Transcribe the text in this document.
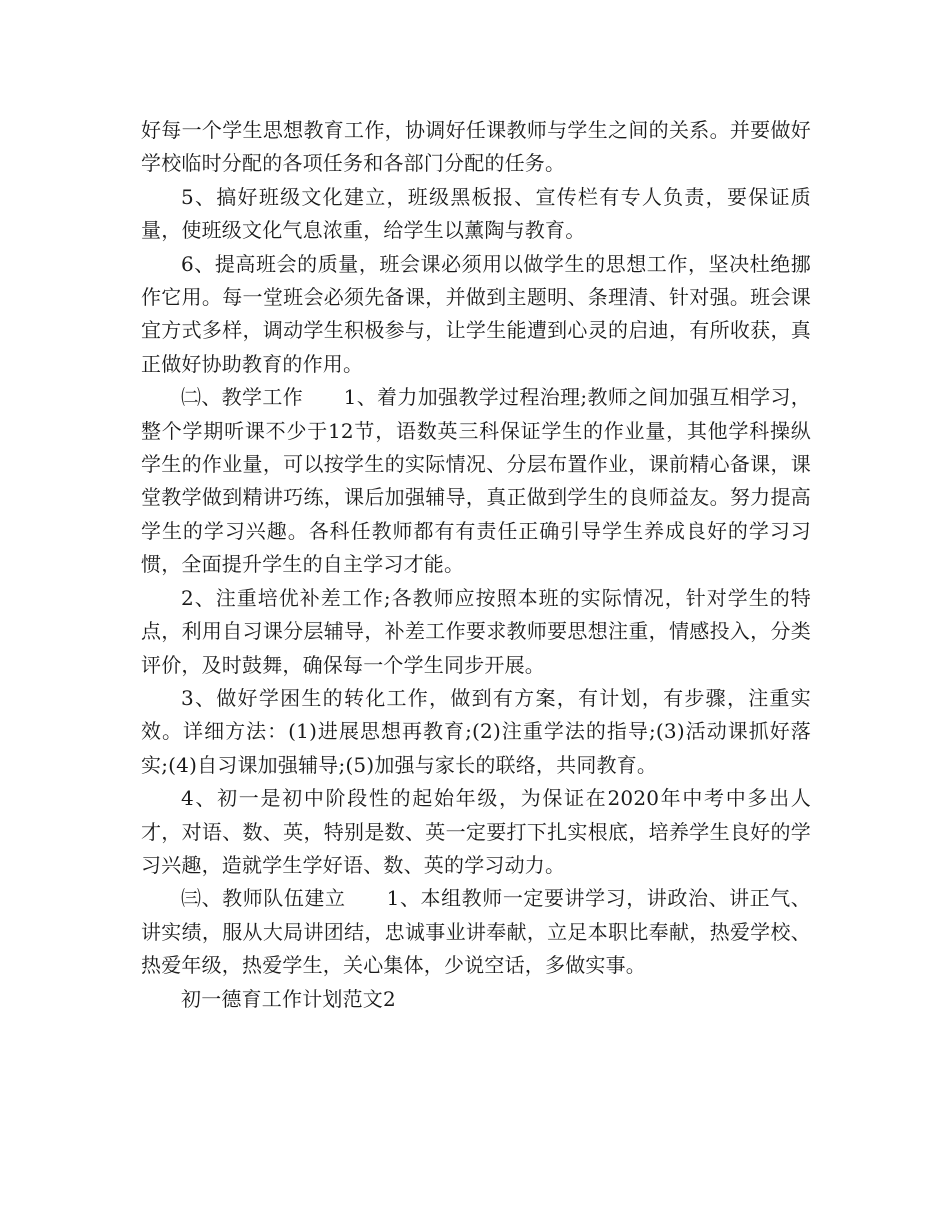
好每一个学生思想教育工作，协调好任课教师与学生之间的关系。并要做好学校临时分配的各项任务和各部门分配的任务。

5、搞好班级文化建立，班级黑板报、宣传栏有专人负责，要保证质量，使班级文化气息浓重，给学生以薰陶与教育。

6、提高班会的质量，班会课必须用以做学生的思想工作，坚决杜绝挪作它用。每一堂班会必须先备课，并做到主题明、条理清、针对强。班会课宜方式多样，调动学生积极参与，让学生能遭到心灵的启迪，有所收获，真正做好协助教育的作用。

㈡、教学工作　　1、着力加强教学过程治理;教师之间加强互相学习，整个学期听课不少于12节，语数英三科保证学生的作业量，其他学科操纵学生的作业量，可以按学生的实际情况、分层布置作业，课前精心备课，课堂教学做到精讲巧练，课后加强辅导，真正做到学生的良师益友。努力提高学生的学习兴趣。各科任教师都有有责任正确引导学生养成良好的学习习惯，全面提升学生的自主学习才能。

2、注重培优补差工作;各教师应按照本班的实际情况，针对学生的特点，利用自习课分层辅导，补差工作要求教师要思想注重，情感投入，分类评价，及时鼓舞，确保每一个学生同步开展。

3、做好学困生的转化工作，做到有方案，有计划，有步骤，注重实效。详细方法：(1)进展思想再教育;(2)注重学法的指导;(3)活动课抓好落实;(4)自习课加强辅导;(5)加强与家长的联络，共同教育。

4、初一是初中阶段性的起始年级，为保证在2020年中考中多出人才，对语、数、英，特别是数、英一定要打下扎实根底，培养学生良好的学习兴趣，造就学生学好语、数、英的学习动力。

㈢、教师队伍建立　　1、本组教师一定要讲学习，讲政治、讲正气、讲实绩，服从大局讲团结，忠诚事业讲奉献，立足本职比奉献，热爱学校、热爱年级，热爱学生，关心集体，少说空话，多做实事。

初一德育工作计划范文2
